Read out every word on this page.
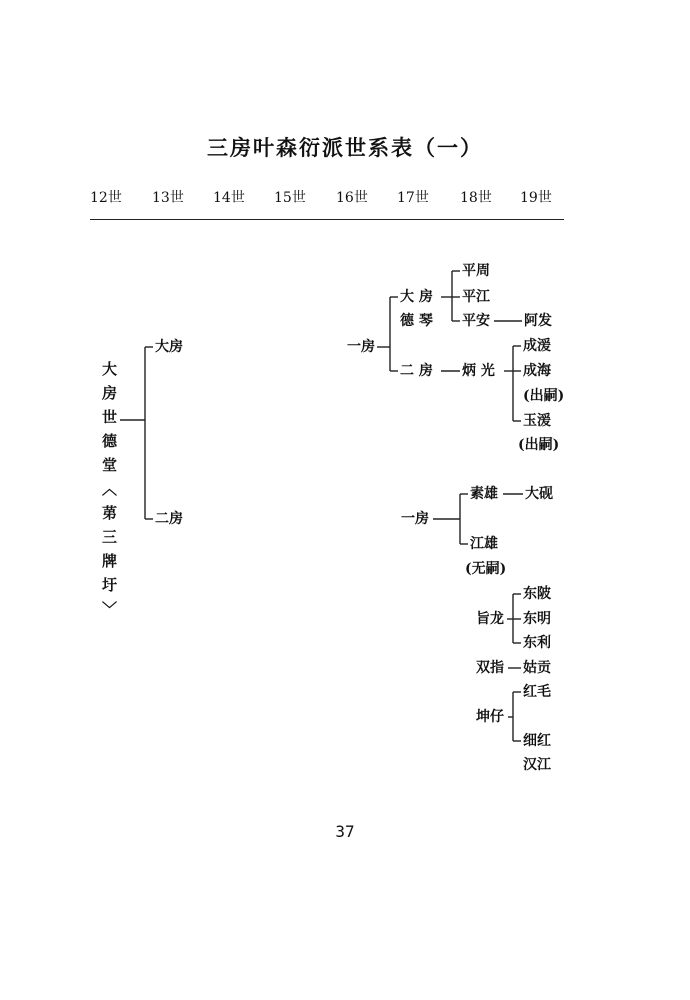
三房叶森衍派世系表（一）
12世 13世 14世 15世 16世 17世 18世 19世
大房世德堂〈苐三牌圩〉
大房
二房
一房
大 房
德 琴
平周
平江
平安 阿发
二 房 炳 光
成湲
成海
(出嗣)
玉湲
(出嗣)
一房
素雄 大砚
江雄
(无嗣)
旨龙
东陂
东明
东利
双指 姑贡
坤仔
红毛
细红
汉江
37
